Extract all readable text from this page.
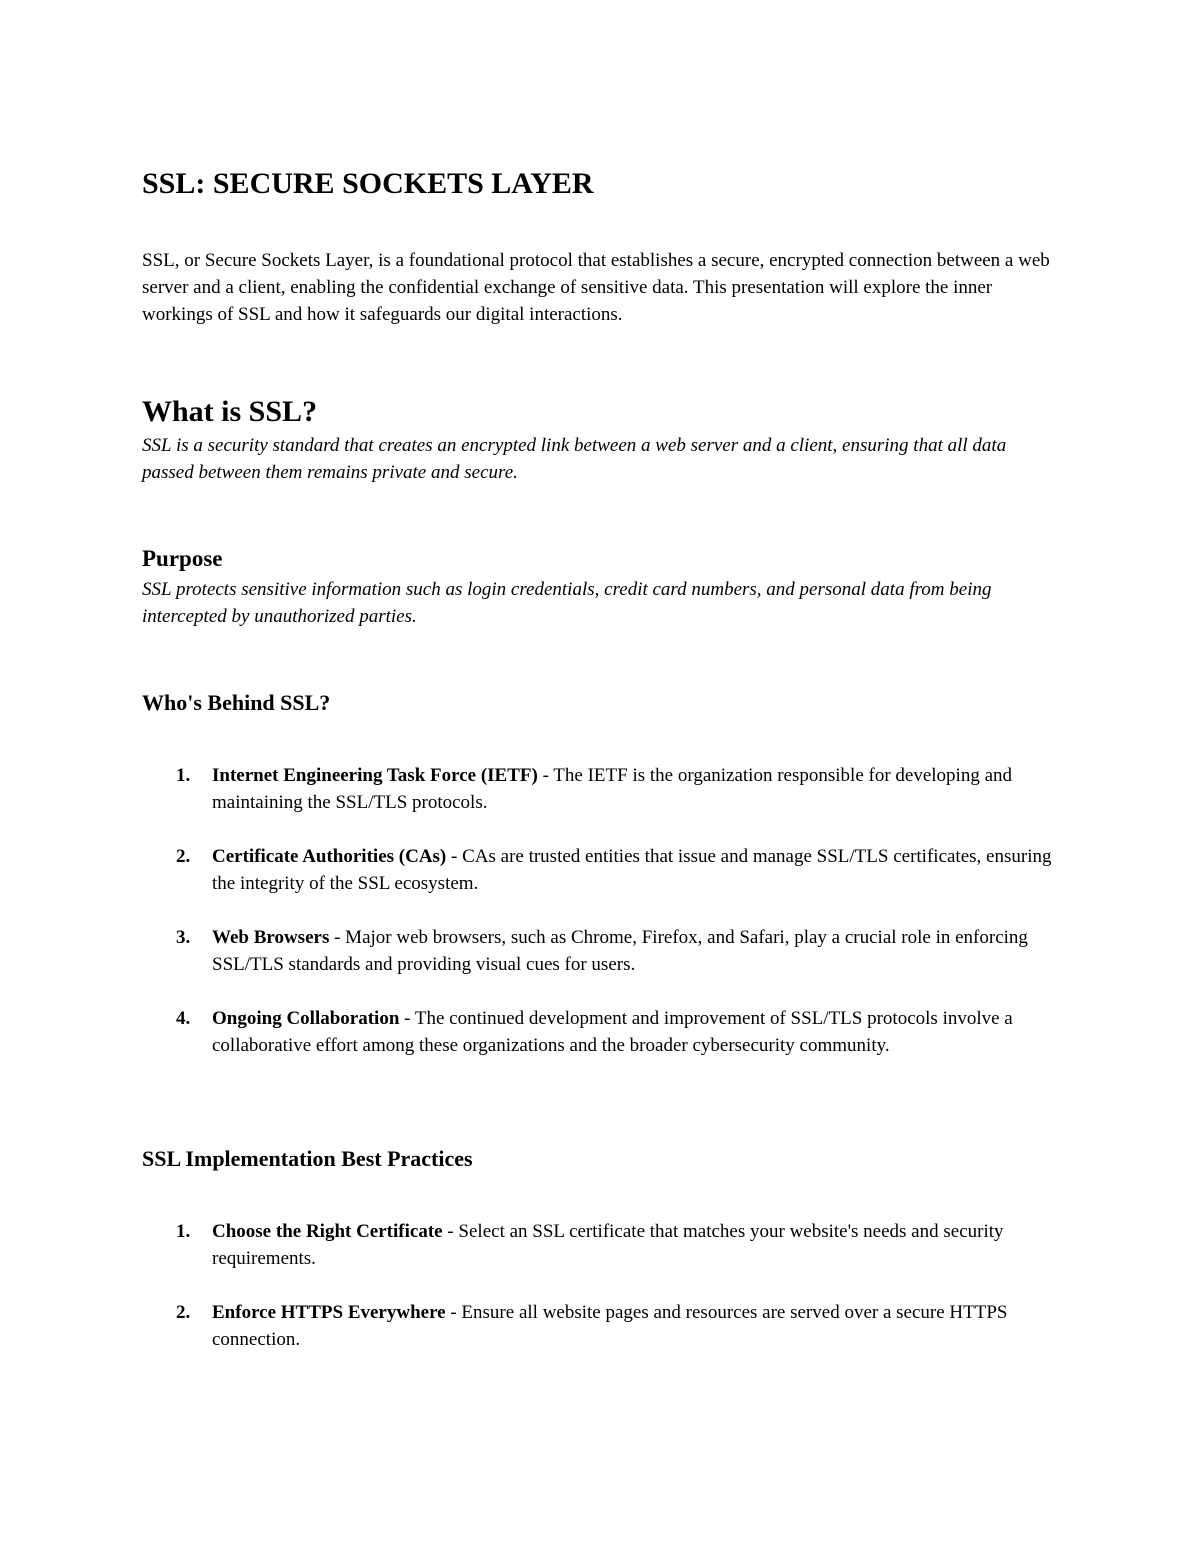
SSL: SECURE SOCKETS LAYER

SSL, or Secure Sockets Layer, is a foundational protocol that establishes a secure, encrypted connection between a web server and a client, enabling the confidential exchange of sensitive data. This presentation will explore the inner workings of SSL and how it safeguards our digital interactions.

What is SSL?

SSL is a security standard that creates an encrypted link between a web server and a client, ensuring that all data passed between them remains private and secure.

Purpose

SSL protects sensitive information such as login credentials, credit card numbers, and personal data from being intercepted by unauthorized parties.

Who's Behind SSL?
1. Internet Engineering Task Force (IETF) - The IETF is the organization responsible for developing and maintaining the SSL/TLS protocols.
2. Certificate Authorities (CAs) - CAs are trusted entities that issue and manage SSL/TLS certificates, ensuring the integrity of the SSL ecosystem.
3. Web Browsers - Major web browsers, such as Chrome, Firefox, and Safari, play a crucial role in enforcing SSL/TLS standards and providing visual cues for users.
4. Ongoing Collaboration - The continued development and improvement of SSL/TLS protocols involve a collaborative effort among these organizations and the broader cybersecurity community.
SSL Implementation Best Practices
1. Choose the Right Certificate - Select an SSL certificate that matches your website's needs and security requirements.
2. Enforce HTTPS Everywhere - Ensure all website pages and resources are served over a secure HTTPS connection.
